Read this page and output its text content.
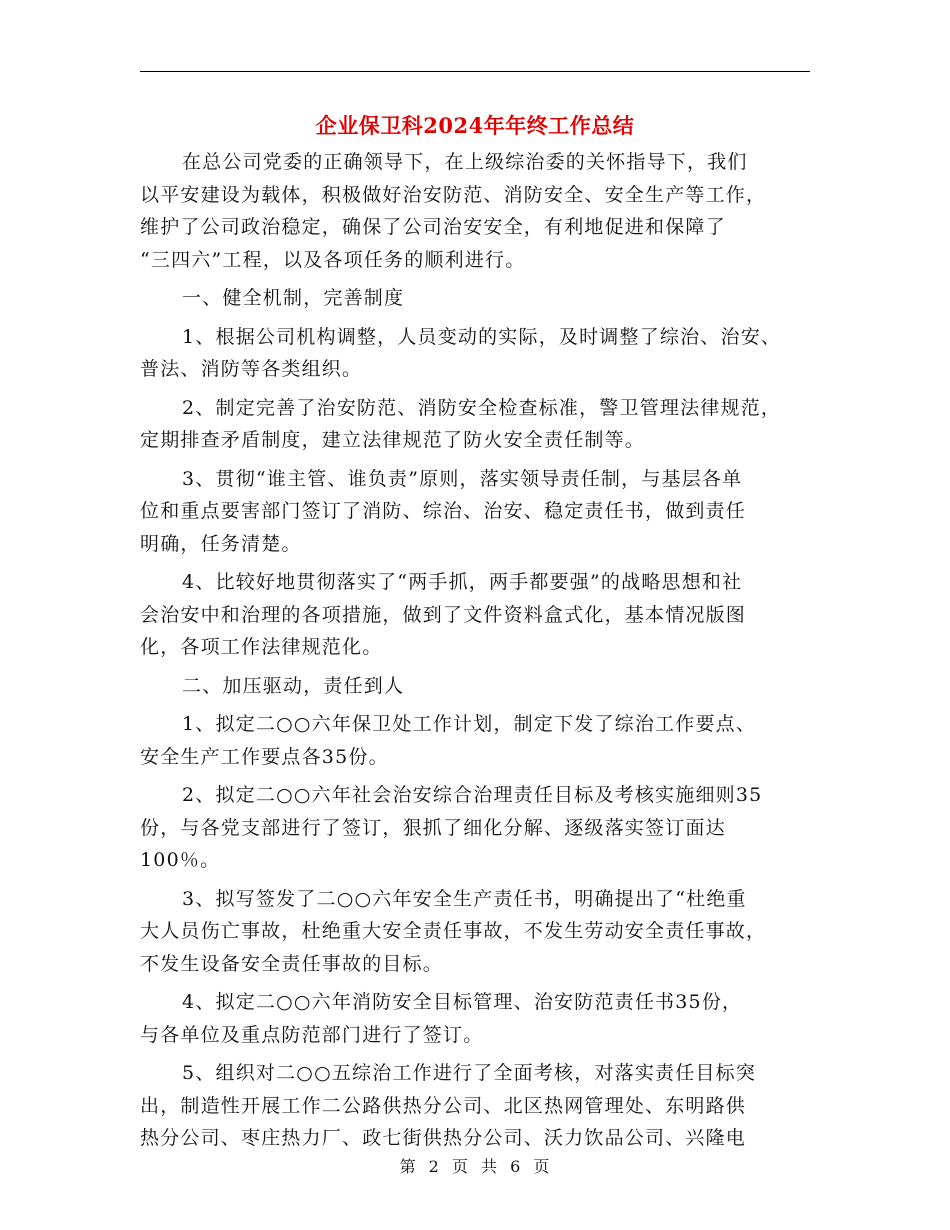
企业保卫科2024年年终工作总结

在总公司党委的正确领导下，在上级综治委的关怀指导下，我们
以平安建设为载体，积极做好治安防范、消防安全、安全生产等工作，
维护了公司政治稳定，确保了公司治安安全，有利地促进和保障了
“三四六”工程，以及各项任务的顺利进行。

一、健全机制，完善制度

1、根据公司机构调整，人员变动的实际，及时调整了综治、治安、
普法、消防等各类组织。

2、制定完善了治安防范、消防安全检查标准，警卫管理法律规范，
定期排查矛盾制度，建立法律规范了防火安全责任制等。

3、贯彻“谁主管、谁负责”原则，落实领导责任制，与基层各单
位和重点要害部门签订了消防、综治、治安、稳定责任书，做到责任
明确，任务清楚。

4、比较好地贯彻落实了“两手抓，两手都要强”的战略思想和社
会治安中和治理的各项措施，做到了文件资料盒式化，基本情况版图
化，各项工作法律规范化。

二、加压驱动，责任到人

1、拟定二○○六年保卫处工作计划，制定下发了综治工作要点、
安全生产工作要点各35份。

2、拟定二○○六年社会治安综合治理责任目标及考核实施细则35
份，与各党支部进行了签订，狠抓了细化分解、逐级落实签订面达
100％。

3、拟写签发了二○○六年安全生产责任书，明确提出了“杜绝重
大人员伤亡事故，杜绝重大安全责任事故，不发生劳动安全责任事故，
不发生设备安全责任事故的目标。

4、拟定二○○六年消防安全目标管理、治安防范责任书35份，
与各单位及重点防范部门进行了签订。

5、组织对二○○五综治工作进行了全面考核，对落实责任目标突
出，制造性开展工作二公路供热分公司、北区热网管理处、东明路供
热分公司、枣庄热力厂、政七街供热分公司、沃力饮品公司、兴隆电

第 2 页 共 6 页
